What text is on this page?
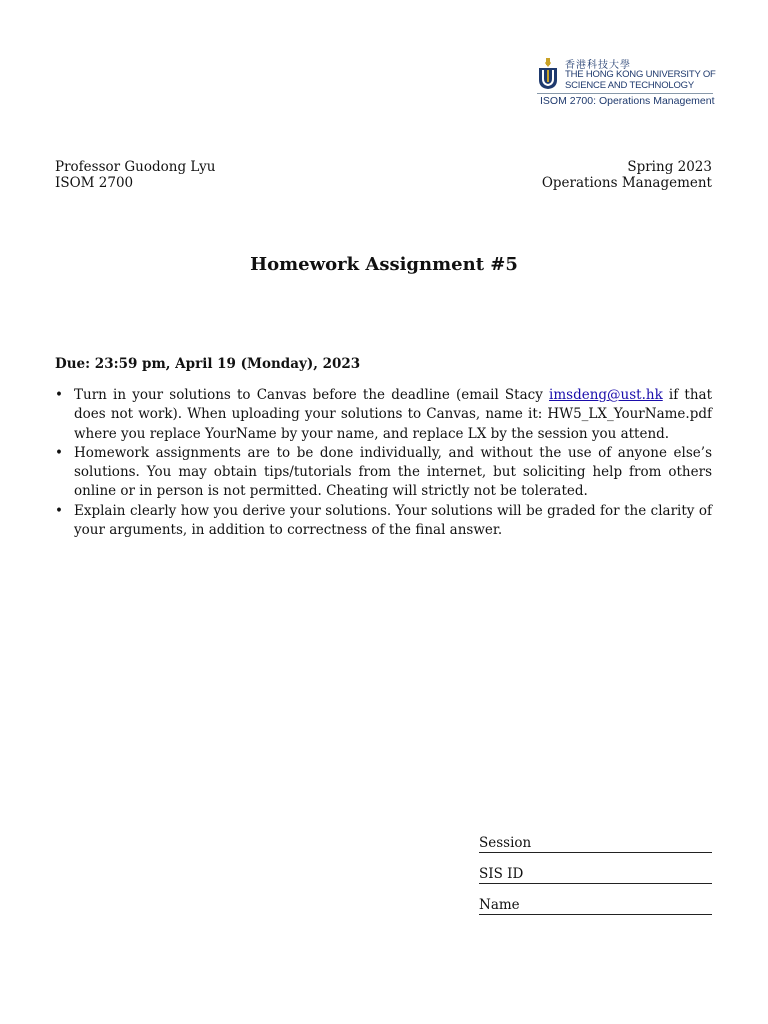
香港科技大學
THE HONG KONG UNIVERSITY OF
SCIENCE AND TECHNOLOGY
ISOM 2700: Operations Management
Professor Guodong Lyu
ISOM 2700
Spring 2023
Operations Management
Homework Assignment #5
Due: 23:59 pm, April 19 (Monday), 2023
• Turn in your solutions to Canvas before the deadline (email Stacy imsdeng@ust.hk if that does not work). When uploading your solutions to Canvas, name it: HW5_LX_YourName.pdf where you replace YourName by your name, and replace LX by the session you attend.
• Homework assignments are to be done individually, and without the use of anyone else’s solutions. You may obtain tips/tutorials from the internet, but soliciting help from others online or in person is not permitted. Cheating will strictly not be tolerated.
• Explain clearly how you derive your solutions. Your solutions will be graded for the clarity of your arguments, in addition to correctness of the final answer.
Session
SIS ID
Name
